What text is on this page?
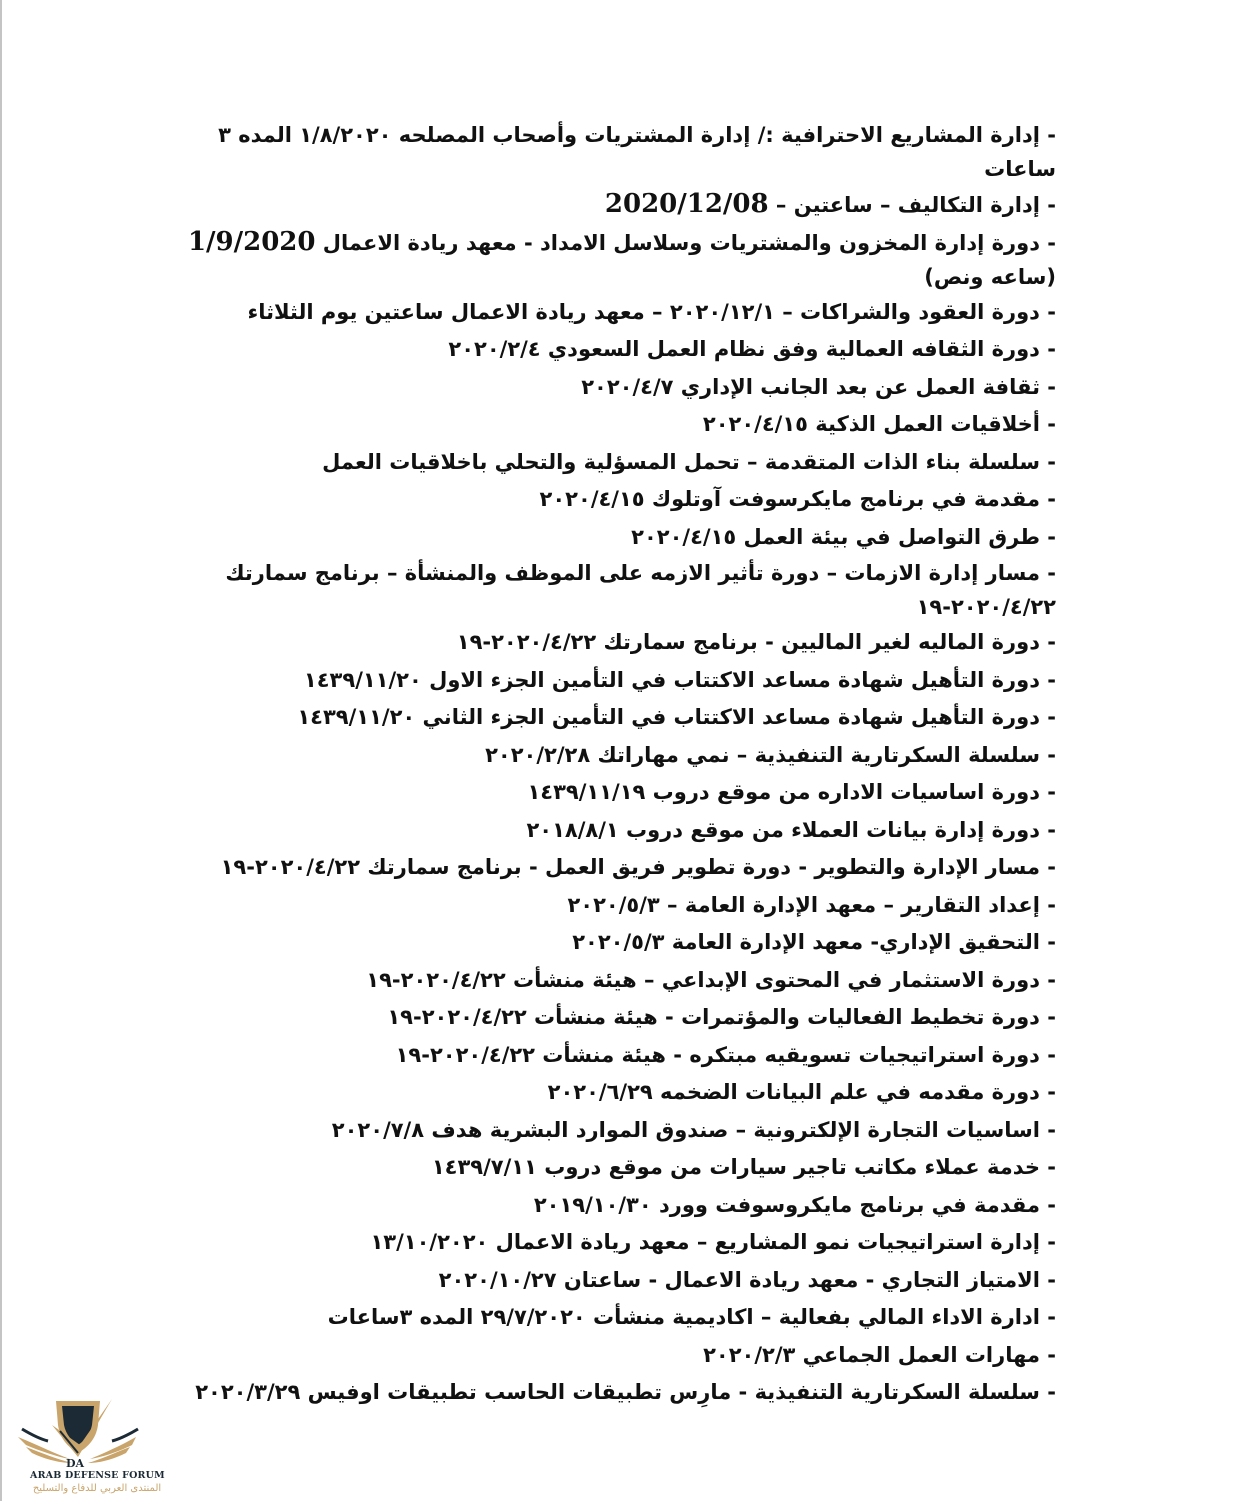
- إدارة المشاريع الاحترافية :/ إدارة المشتريات وأصحاب المصلحه ١/٨/٢٠٢٠ المده ٣ ساعات

- إدارة التكاليف – ساعتين – 2020/12/08

- دورة إدارة المخزون والمشتريات وسلاسل الامداد - معهد ريادة الاعمال 1/9/2020 (ساعه ونص)

- دورة العقود والشراكات – ٢٠٢٠/١٢/١ – معهد ريادة الاعمال ساعتين يوم الثلاثاء

- دورة الثقافه العمالية وفق نظام العمل السعودي ٢٠٢٠/٢/٤

- ثقافة العمل عن بعد الجانب الإداري ٢٠٢٠/٤/٧

- أخلاقيات العمل الذكية ٢٠٢٠/٤/١٥

- سلسلة بناء الذات المتقدمة – تحمل المسؤلية والتحلي باخلاقيات العمل

- مقدمة في برنامج مايكرسوفت آوتلوك ٢٠٢٠/٤/١٥

- طرق التواصل في بيئة العمل ٢٠٢٠/٤/١٥

- مسار إدارة الازمات – دورة تأثير الازمه على الموظف والمنشأة – برنامج سمارتك ٢٠٢٠/٤/٢٢-١٩

- دورة الماليه لغير الماليين - برنامج سمارتك ٢٠٢٠/٤/٢٢-١٩

- دورة التأهيل شهادة مساعد الاكتتاب في التأمين الجزء الاول ١٤٣٩/١١/٢٠

- دورة التأهيل شهادة مساعد الاكتتاب في التأمين الجزء الثاني ١٤٣٩/١١/٢٠

- سلسلة السكرتارية التنفيذية – نمي مهاراتك ٢٠٢٠/٢/٢٨

- دورة اساسيات الاداره من موقع دروب ١٤٣٩/١١/١٩

- دورة إدارة بيانات العملاء من موقع دروب ٢٠١٨/٨/١

- مسار الإدارة والتطوير - دورة تطوير فريق العمل - برنامج سمارتك ٢٠٢٠/٤/٢٢-١٩

- إعداد التقارير – معهد الإدارة العامة – ٢٠٢٠/٥/٣

- التحقيق الإداري- معهد الإدارة العامة ٢٠٢٠/٥/٣

- دورة الاستثمار في المحتوى الإبداعي – هيئة منشأت ٢٠٢٠/٤/٢٢-١٩

- دورة تخطيط الفعاليات والمؤتمرات - هيئة منشأت ٢٠٢٠/٤/٢٢-١٩

- دورة استراتيجيات تسويقيه مبتكره - هيئة منشأت ٢٠٢٠/٤/٢٢-١٩

- دورة مقدمه في علم البيانات الضخمه ٢٠٢٠/٦/٢٩

- اساسيات التجارة الإلكترونية – صندوق الموارد البشرية هدف ٢٠٢٠/٧/٨

- خدمة عملاء مكاتب تاجير سيارات من موقع دروب ١٤٣٩/٧/١١

- مقدمة في برنامج مايكروسوفت وورد ٢٠١٩/١٠/٣٠

- إدارة استراتيجيات نمو المشاريع – معهد ريادة الاعمال ١٣/١٠/٢٠٢٠

- الامتياز التجاري - معهد ريادة الاعمال - ساعتان ٢٠٢٠/١٠/٢٧

- ادارة الاداء المالي بفعالية – اكاديمية منشأت ٢٩/٧/٢٠٢٠ المده ٣ساعات

- مهارات العمل الجماعي ٢٠٢٠/٢/٣

- سلسلة السكرتارية التنفيذية - مارِس تطبيقات الحاسب تطبيقات اوفيس ٢٠٢٠/٣/٢٩

DA
ARAB DEFENSE FORUM
المنتدى العربي للدفاع والتسليح
